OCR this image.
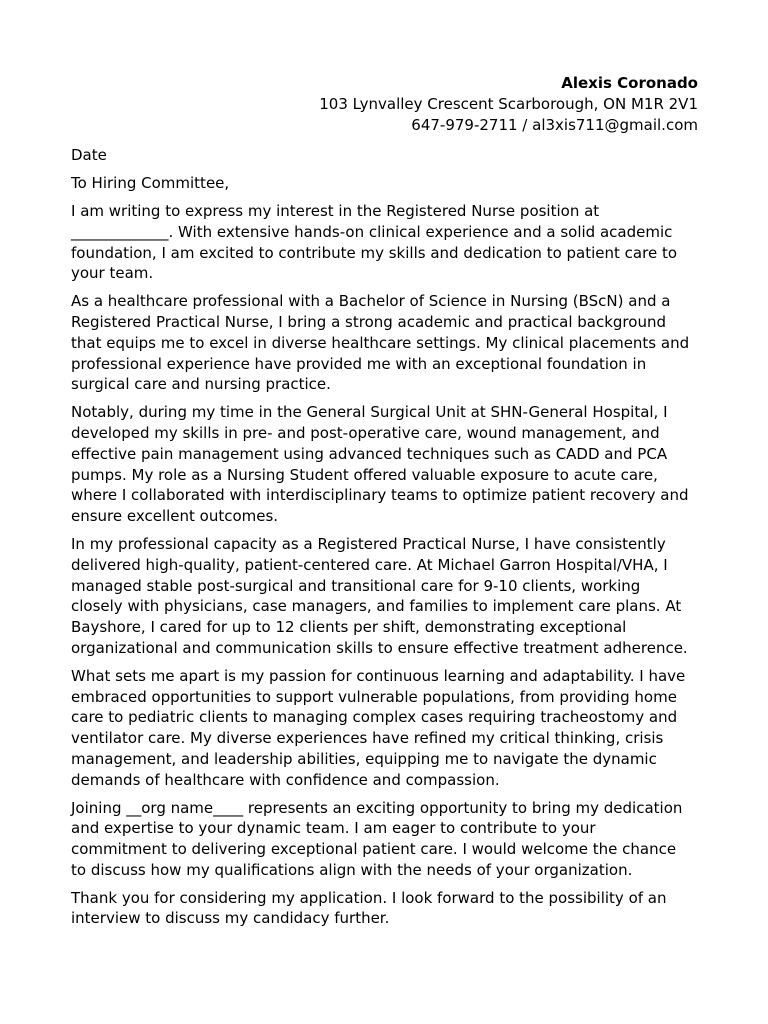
Alexis Coronado
103 Lynvalley Crescent Scarborough, ON M1R 2V1
647-979-2711 / al3xis711@gmail.com
Date
To Hiring Committee,

I am writing to express my interest in the Registered Nurse position at
_____________. With extensive hands-on clinical experience and a solid academic
foundation, I am excited to contribute my skills and dedication to patient care to
your team.

As a healthcare professional with a Bachelor of Science in Nursing (BScN) and a
Registered Practical Nurse, I bring a strong academic and practical background
that equips me to excel in diverse healthcare settings. My clinical placements and
professional experience have provided me with an exceptional foundation in
surgical care and nursing practice.

Notably, during my time in the General Surgical Unit at SHN-General Hospital, I
developed my skills in pre- and post-operative care, wound management, and
effective pain management using advanced techniques such as CADD and PCA
pumps. My role as a Nursing Student offered valuable exposure to acute care,
where I collaborated with interdisciplinary teams to optimize patient recovery and
ensure excellent outcomes.

In my professional capacity as a Registered Practical Nurse, I have consistently
delivered high-quality, patient-centered care. At Michael Garron Hospital/VHA, I
managed stable post-surgical and transitional care for 9-10 clients, working
closely with physicians, case managers, and families to implement care plans. At
Bayshore, I cared for up to 12 clients per shift, demonstrating exceptional
organizational and communication skills to ensure effective treatment adherence.

What sets me apart is my passion for continuous learning and adaptability. I have
embraced opportunities to support vulnerable populations, from providing home
care to pediatric clients to managing complex cases requiring tracheostomy and
ventilator care. My diverse experiences have refined my critical thinking, crisis
management, and leadership abilities, equipping me to navigate the dynamic
demands of healthcare with confidence and compassion.

Joining __org name____ represents an exciting opportunity to bring my dedication
and expertise to your dynamic team. I am eager to contribute to your
commitment to delivering exceptional patient care. I would welcome the chance
to discuss how my qualifications align with the needs of your organization.

Thank you for considering my application. I look forward to the possibility of an
interview to discuss my candidacy further.
